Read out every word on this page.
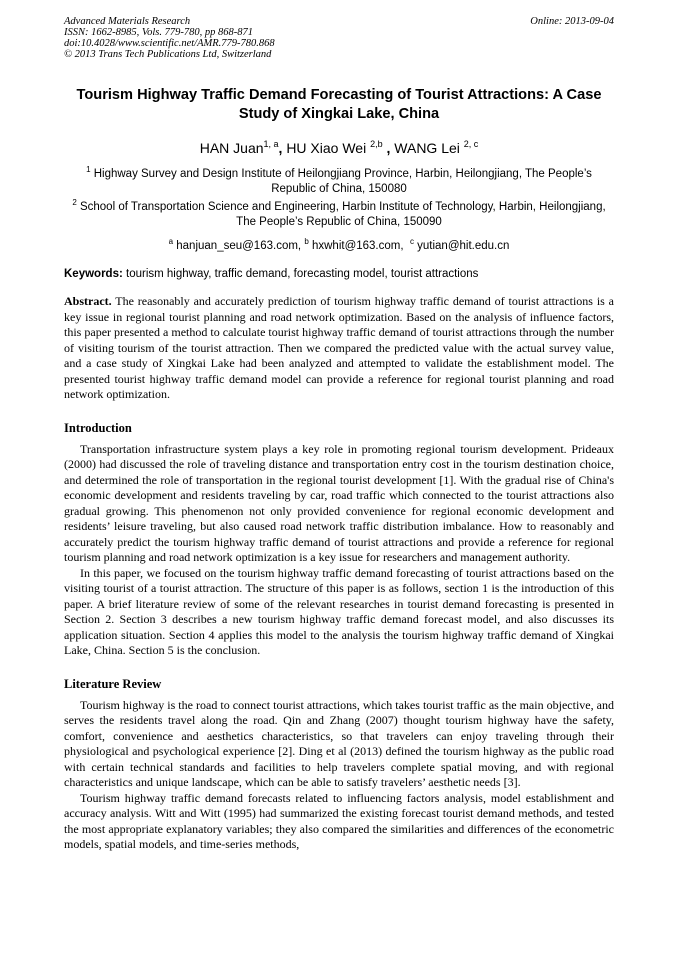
Advanced Materials Research
ISSN: 1662-8985, Vols. 779-780, pp 868-871
doi:10.4028/www.scientific.net/AMR.779-780.868
© 2013 Trans Tech Publications Ltd, Switzerland
Online: 2013-09-04
Tourism Highway Traffic Demand Forecasting of Tourist Attractions: A Case Study of Xingkai Lake, China
HAN Juan$^{1, a}$, HU Xiao Wei $^{2,b}$ , WANG Lei $^{2, c}$

$^1$ Highway Survey and Design Institute of Heilongjiang Province, Harbin, Heilongjiang, The People’s Republic of China, 150080

$^2$ School of Transportation Science and Engineering, Harbin Institute of Technology, Harbin, Heilongjiang, The People’s Republic of China, 150090

$^a$ hanjuan_seu@163.com, $^b$ hxwhit@163.com, $^c$ yutian@hit.edu.cn
Keywords: tourism highway, traffic demand, forecasting model, tourist attractions
Abstract. The reasonably and accurately prediction of tourism highway traffic demand of tourist attractions is a key issue in regional tourist planning and road network optimization. Based on the analysis of influence factors, this paper presented a method to calculate tourist highway traffic demand of tourist attractions through the number of visiting tourism of the tourist attraction. Then we compared the predicted value with the actual survey value, and a case study of Xingkai Lake had been analyzed and attempted to validate the establishment model. The presented tourist highway traffic demand model can provide a reference for regional tourist planning and road network optimization.
Introduction

Transportation infrastructure system plays a key role in promoting regional tourism development. Prideaux (2000) had discussed the role of traveling distance and transportation entry cost in the tourism destination choice, and determined the role of transportation in the regional tourist development [1]. With the gradual rise of China's economic development and residents traveling by car, road traffic which connected to the tourist attractions also gradual growing. This phenomenon not only provided convenience for regional economic development and residents’ leisure traveling, but also caused road network traffic distribution imbalance. How to reasonably and accurately predict the tourism highway traffic demand of tourist attractions and provide a reference for regional tourism planning and road network optimization is a key issue for researchers and management authority.

In this paper, we focused on the tourism highway traffic demand forecasting of tourist attractions based on the visiting tourist of a tourist attraction. The structure of this paper is as follows, section 1 is the introduction of this paper. A brief literature review of some of the relevant researches in tourist demand forecasting is presented in Section 2. Section 3 describes a new tourism highway traffic demand forecast model, and also discusses its application situation. Section 4 applies this model to the analysis the tourism highway traffic demand of Xingkai Lake, China. Section 5 is the conclusion.

Literature Review

Tourism highway is the road to connect tourist attractions, which takes tourist traffic as the main objective, and serves the residents travel along the road. Qin and Zhang (2007) thought tourism highway have the safety, comfort, convenience and aesthetics characteristics, so that travelers can enjoy traveling through their physiological and psychological experience [2]. Ding et al (2013) defined the tourism highway as the public road with certain technical standards and facilities to help travelers complete spatial moving, and with regional characteristics and unique landscape, which can be able to satisfy travelers’ aesthetic needs [3].

Tourism highway traffic demand forecasts related to influencing factors analysis, model establishment and accuracy analysis. Witt and Witt (1995) had summarized the existing forecast tourist demand methods, and tested the most appropriate explanatory variables; they also compared the similarities and differences of the econometric models, spatial models, and time-series methods,
